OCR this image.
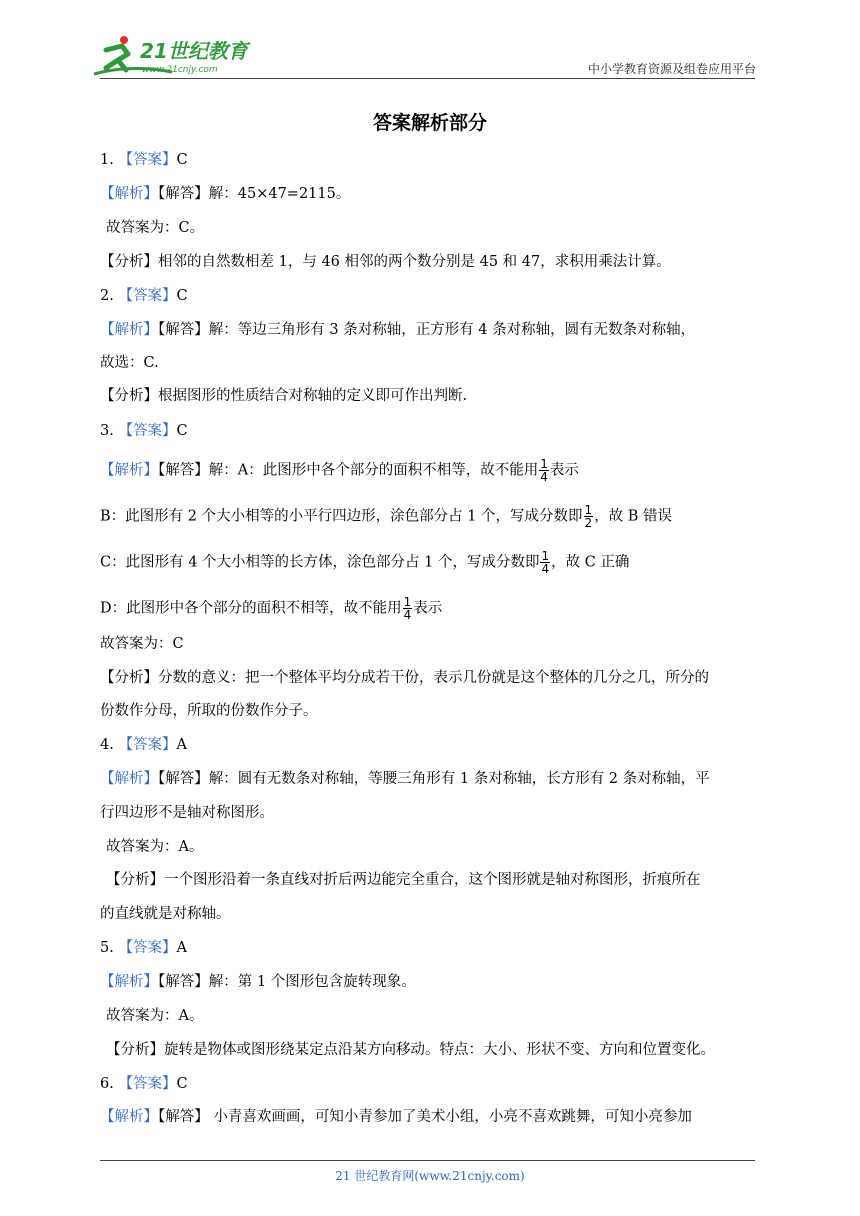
21世纪教育
www.21cnjy.com	中小学教育资源及组卷应用平台
答案解析部分
1. 【答案】C
【解析】【解答】解：45×47=2115。
故答案为：C。
【分析】相邻的自然数相差 1，与 46 相邻的两个数分别是 45 和 47，求积用乘法计算。
2. 【答案】C
【解析】【解答】解：等边三角形有 3 条对称轴，正方形有 4 条对称轴，圆有无数条对称轴，
故选：C.
【分析】根据图形的性质结合对称轴的定义即可作出判断.
3. 【答案】C
【解析】【解答】解：A：此图形中各个部分的面积不相等，故不能用 $\frac{1}{4}$ 表示
B：此图形有 2 个大小相等的小平行四边形，涂色部分占 1 个，写成分数即 $\frac{1}{2}$ ，故 B 错误
C：此图形有 4 个大小相等的长方体，涂色部分占 1 个，写成分数即 $\frac{1}{4}$ ，故 C 正确
D：此图形中各个部分的面积不相等，故不能用 $\frac{1}{4}$ 表示
故答案为：C
【分析】分数的意义：把一个整体平均分成若干份，表示几份就是这个整体的几分之几，所分的
份数作分母，所取的份数作分子。
4. 【答案】A
【解析】【解答】解：圆有无数条对称轴，等腰三角形有 1 条对称轴，长方形有 2 条对称轴，平
行四边形不是轴对称图形。
故答案为：A。
【分析】一个图形沿着一条直线对折后两边能完全重合，这个图形就是轴对称图形，折痕所在
的直线就是对称轴。
5. 【答案】A
【解析】【解答】解：第 1 个图形包含旋转现象。
故答案为：A。
【分析】旋转是物体或图形绕某定点沿某方向移动。特点：大小、形状不变、方向和位置变化。
6. 【答案】C
【解析】【解答】 小青喜欢画画，可知小青参加了美术小组，小亮不喜欢跳舞，可知小亮参加
21 世纪教育网(www.21cnjy.com)
